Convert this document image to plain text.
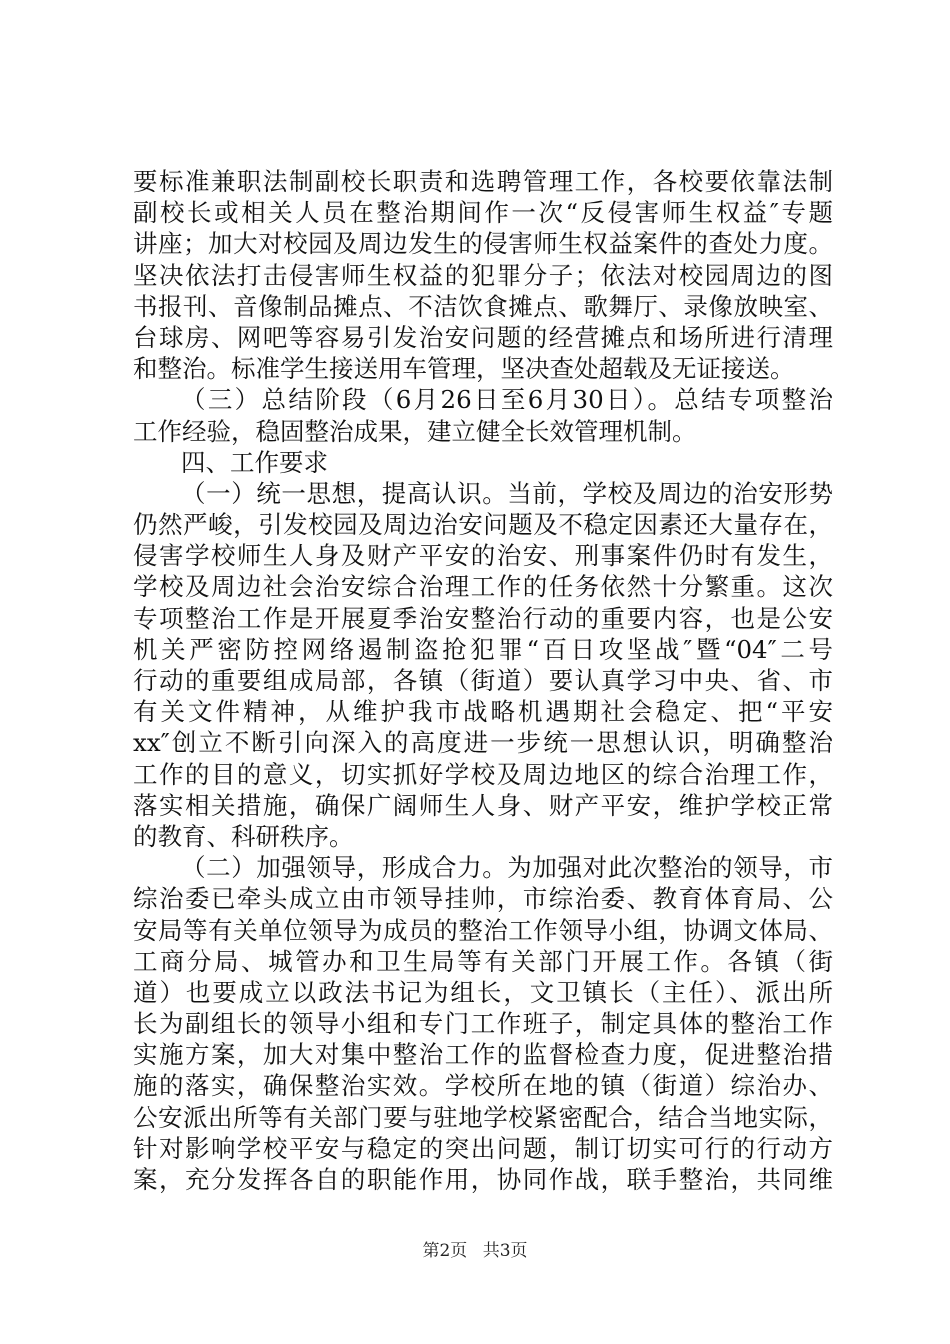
要标准兼职法制副校长职责和选聘管理工作，各校要依靠法制
副校长或相关人员在整治期间作一次“反侵害师生权益″专题
讲座；加大对校园及周边发生的侵害师生权益案件的查处力度。
坚决依法打击侵害师生权益的犯罪分子；依法对校园周边的图
书报刊、音像制品摊点、不洁饮食摊点、歌舞厅、录像放映室、
台球房、网吧等容易引发治安问题的经营摊点和场所进行清理
和整治。标准学生接送用车管理，坚决查处超载及无证接送。
（三）总结阶段（6月26日至6月30日）。总结专项整治
工作经验，稳固整治成果，建立健全长效管理机制。
四、工作要求
（一）统一思想，提高认识。当前，学校及周边的治安形势
仍然严峻，引发校园及周边治安问题及不稳定因素还大量存在，
侵害学校师生人身及财产平安的治安、刑事案件仍时有发生，
学校及周边社会治安综合治理工作的任务依然十分繁重。这次
专项整治工作是开展夏季治安整治行动的重要内容，也是公安
机关严密防控网络遏制盗抢犯罪“百日攻坚战″暨“04″二号
行动的重要组成局部，各镇（街道）要认真学习中央、省、市
有关文件精神，从维护我市战略机遇期社会稳定、把“平安
xx″创立不断引向深入的高度进一步统一思想认识，明确整治
工作的目的意义，切实抓好学校及周边地区的综合治理工作，
落实相关措施，确保广阔师生人身、财产平安，维护学校正常
的教育、科研秩序。
（二）加强领导，形成合力。为加强对此次整治的领导，市
综治委已牵头成立由市领导挂帅，市综治委、教育体育局、公
安局等有关单位领导为成员的整治工作领导小组，协调文体局、
工商分局、城管办和卫生局等有关部门开展工作。各镇（街
道）也要成立以政法书记为组长，文卫镇长（主任）、派出所
长为副组长的领导小组和专门工作班子，制定具体的整治工作
实施方案，加大对集中整治工作的监督检查力度，促进整治措
施的落实，确保整治实效。学校所在地的镇（街道）综治办、
公安派出所等有关部门要与驻地学校紧密配合，结合当地实际，
针对影响学校平安与稳定的突出问题，制订切实可行的行动方
案，充分发挥各自的职能作用，协同作战，联手整治，共同维
第2页 共3页
